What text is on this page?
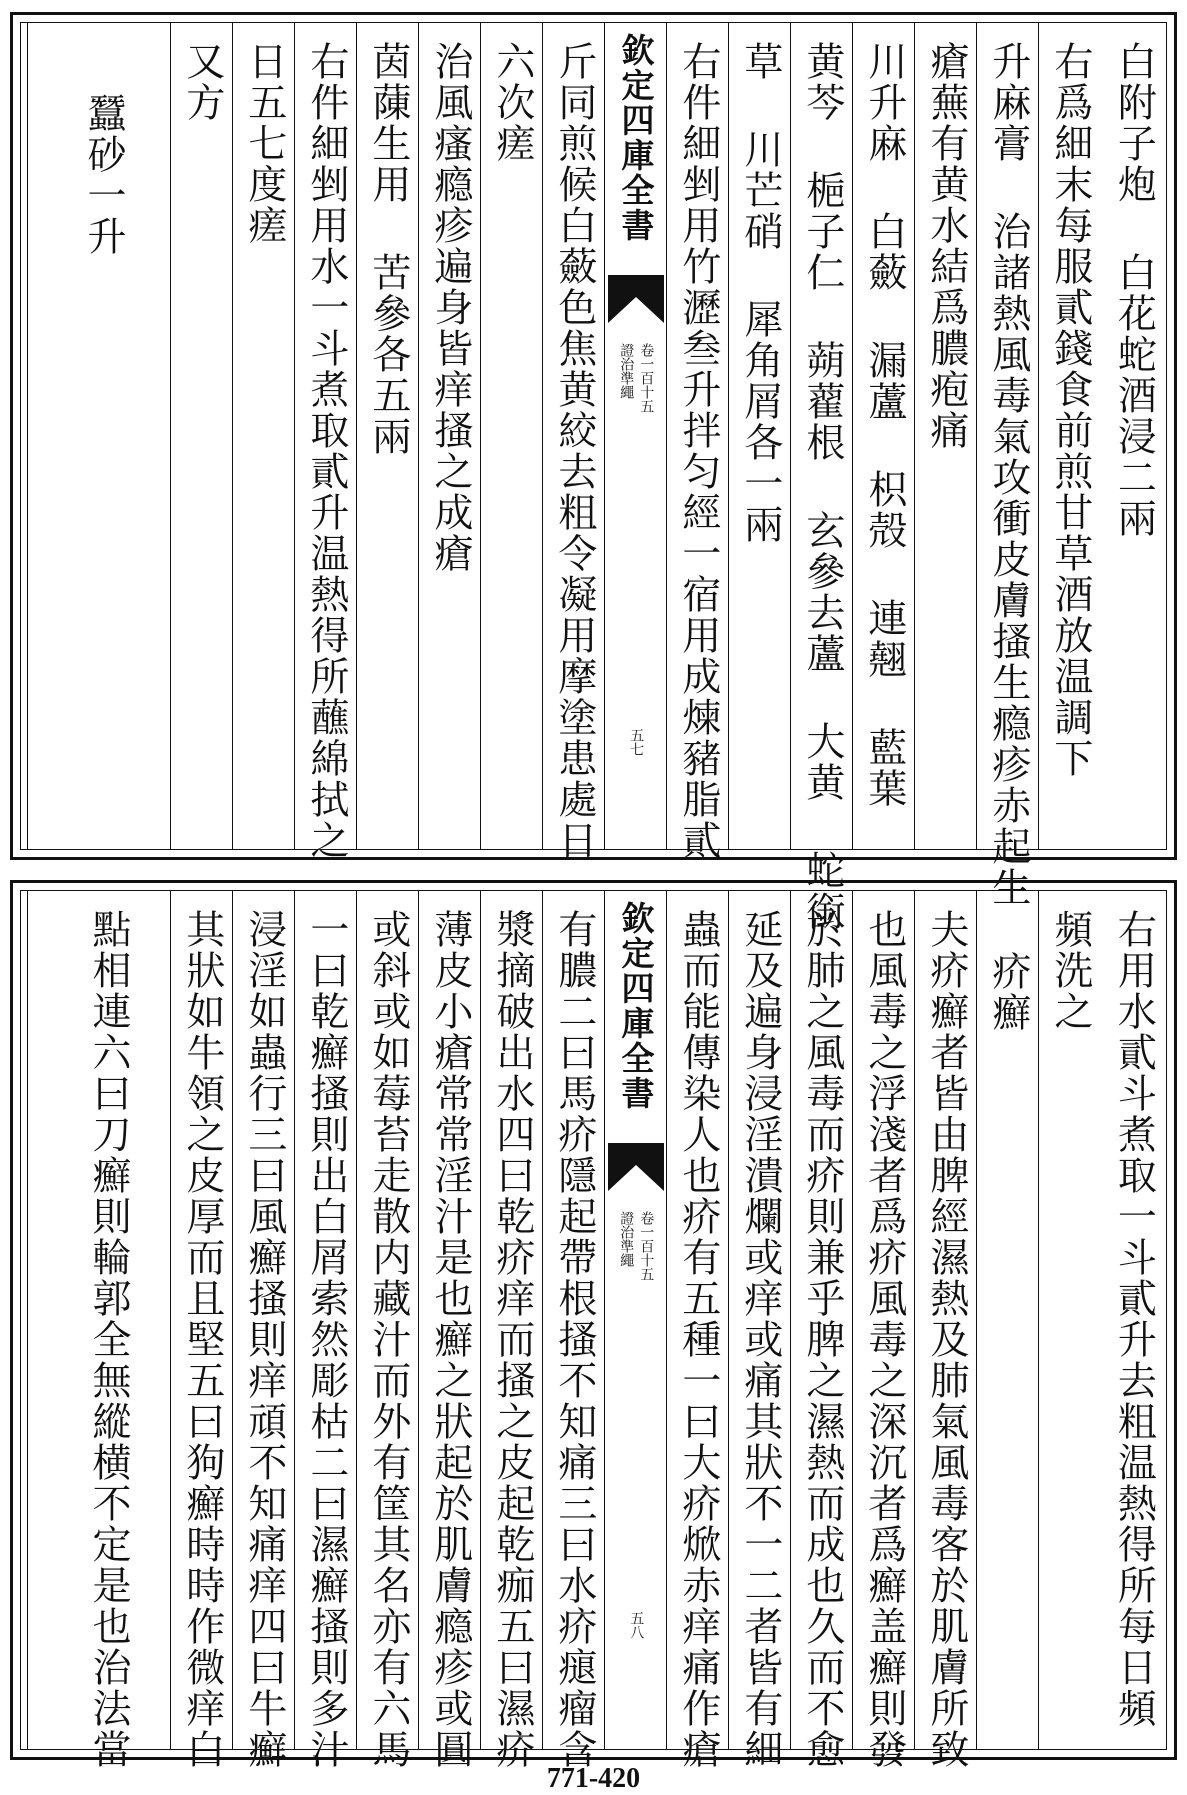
白附子炮 白花蛇酒浸二兩
右爲細末每服貳錢食前煎甘草酒放温調下
升麻膏 治諸熱風毒氣攻衝皮膚搔生瘾疹赤起生
瘡蕪有黄水結爲膿疱痛
川升麻 白蘞 漏蘆 枳殻 連翹 藍葉
黄芩 梔子仁 蒴藋根 玄參去蘆 大黄 蛇銜
草 川芒硝 犀角屑各一兩
右件細剉用竹瀝叁升拌匀經一宿用成煉豬脂貳
欽定四庫全書
證治準繩 卷一百十五
五七
斤同煎候白蘞色焦黄絞去粗令凝用摩塗患處日
六次瘥
治風瘙瘾疹遍身皆痒搔之成瘡
茵蔯生用 苦參各五兩
右件細剉用水一斗煮取貳升温熱得所蘸綿拭之
日五七度瘥
又方
蠶砂一升
右用水貳斗煮取一斗貳升去粗温熱得所每日頻
頻洗之
疥癬
夫疥癬者皆由脾經濕熱及肺氣風毒客於肌膚所致
也風毒之浮淺者爲疥風毒之深沉者爲癬盖癬則發
於肺之風毒而疥則兼乎脾之濕熱而成也久而不愈
延及遍身浸淫潰爛或痒或痛其狀不一二者皆有細
蟲而能傳染人也疥有五種一曰大疥焮赤痒痛作瘡
欽定四庫全書
證治準繩 卷一百十五
五八
有膿二曰馬疥隱起帶根搔不知痛三曰水疥㾼瘤含
漿摘破出水四曰乾疥痒而搔之皮起乾痂五曰濕疥
薄皮小瘡常常淫汁是也癬之狀起於肌膚瘾疹或圓
或斜或如莓苔走散内藏汁而外有筐其名亦有六馬
一曰乾癬搔則出白屑索然彫枯二曰濕癬搔則多汁
浸淫如蟲行三曰風癬搔則痒頑不知痛痒四曰牛癬
其狀如牛領之皮厚而且堅五曰狗癬時時作微痒白
點相連六曰刀癬則輪郭全無縱横不定是也治法當
771-420
